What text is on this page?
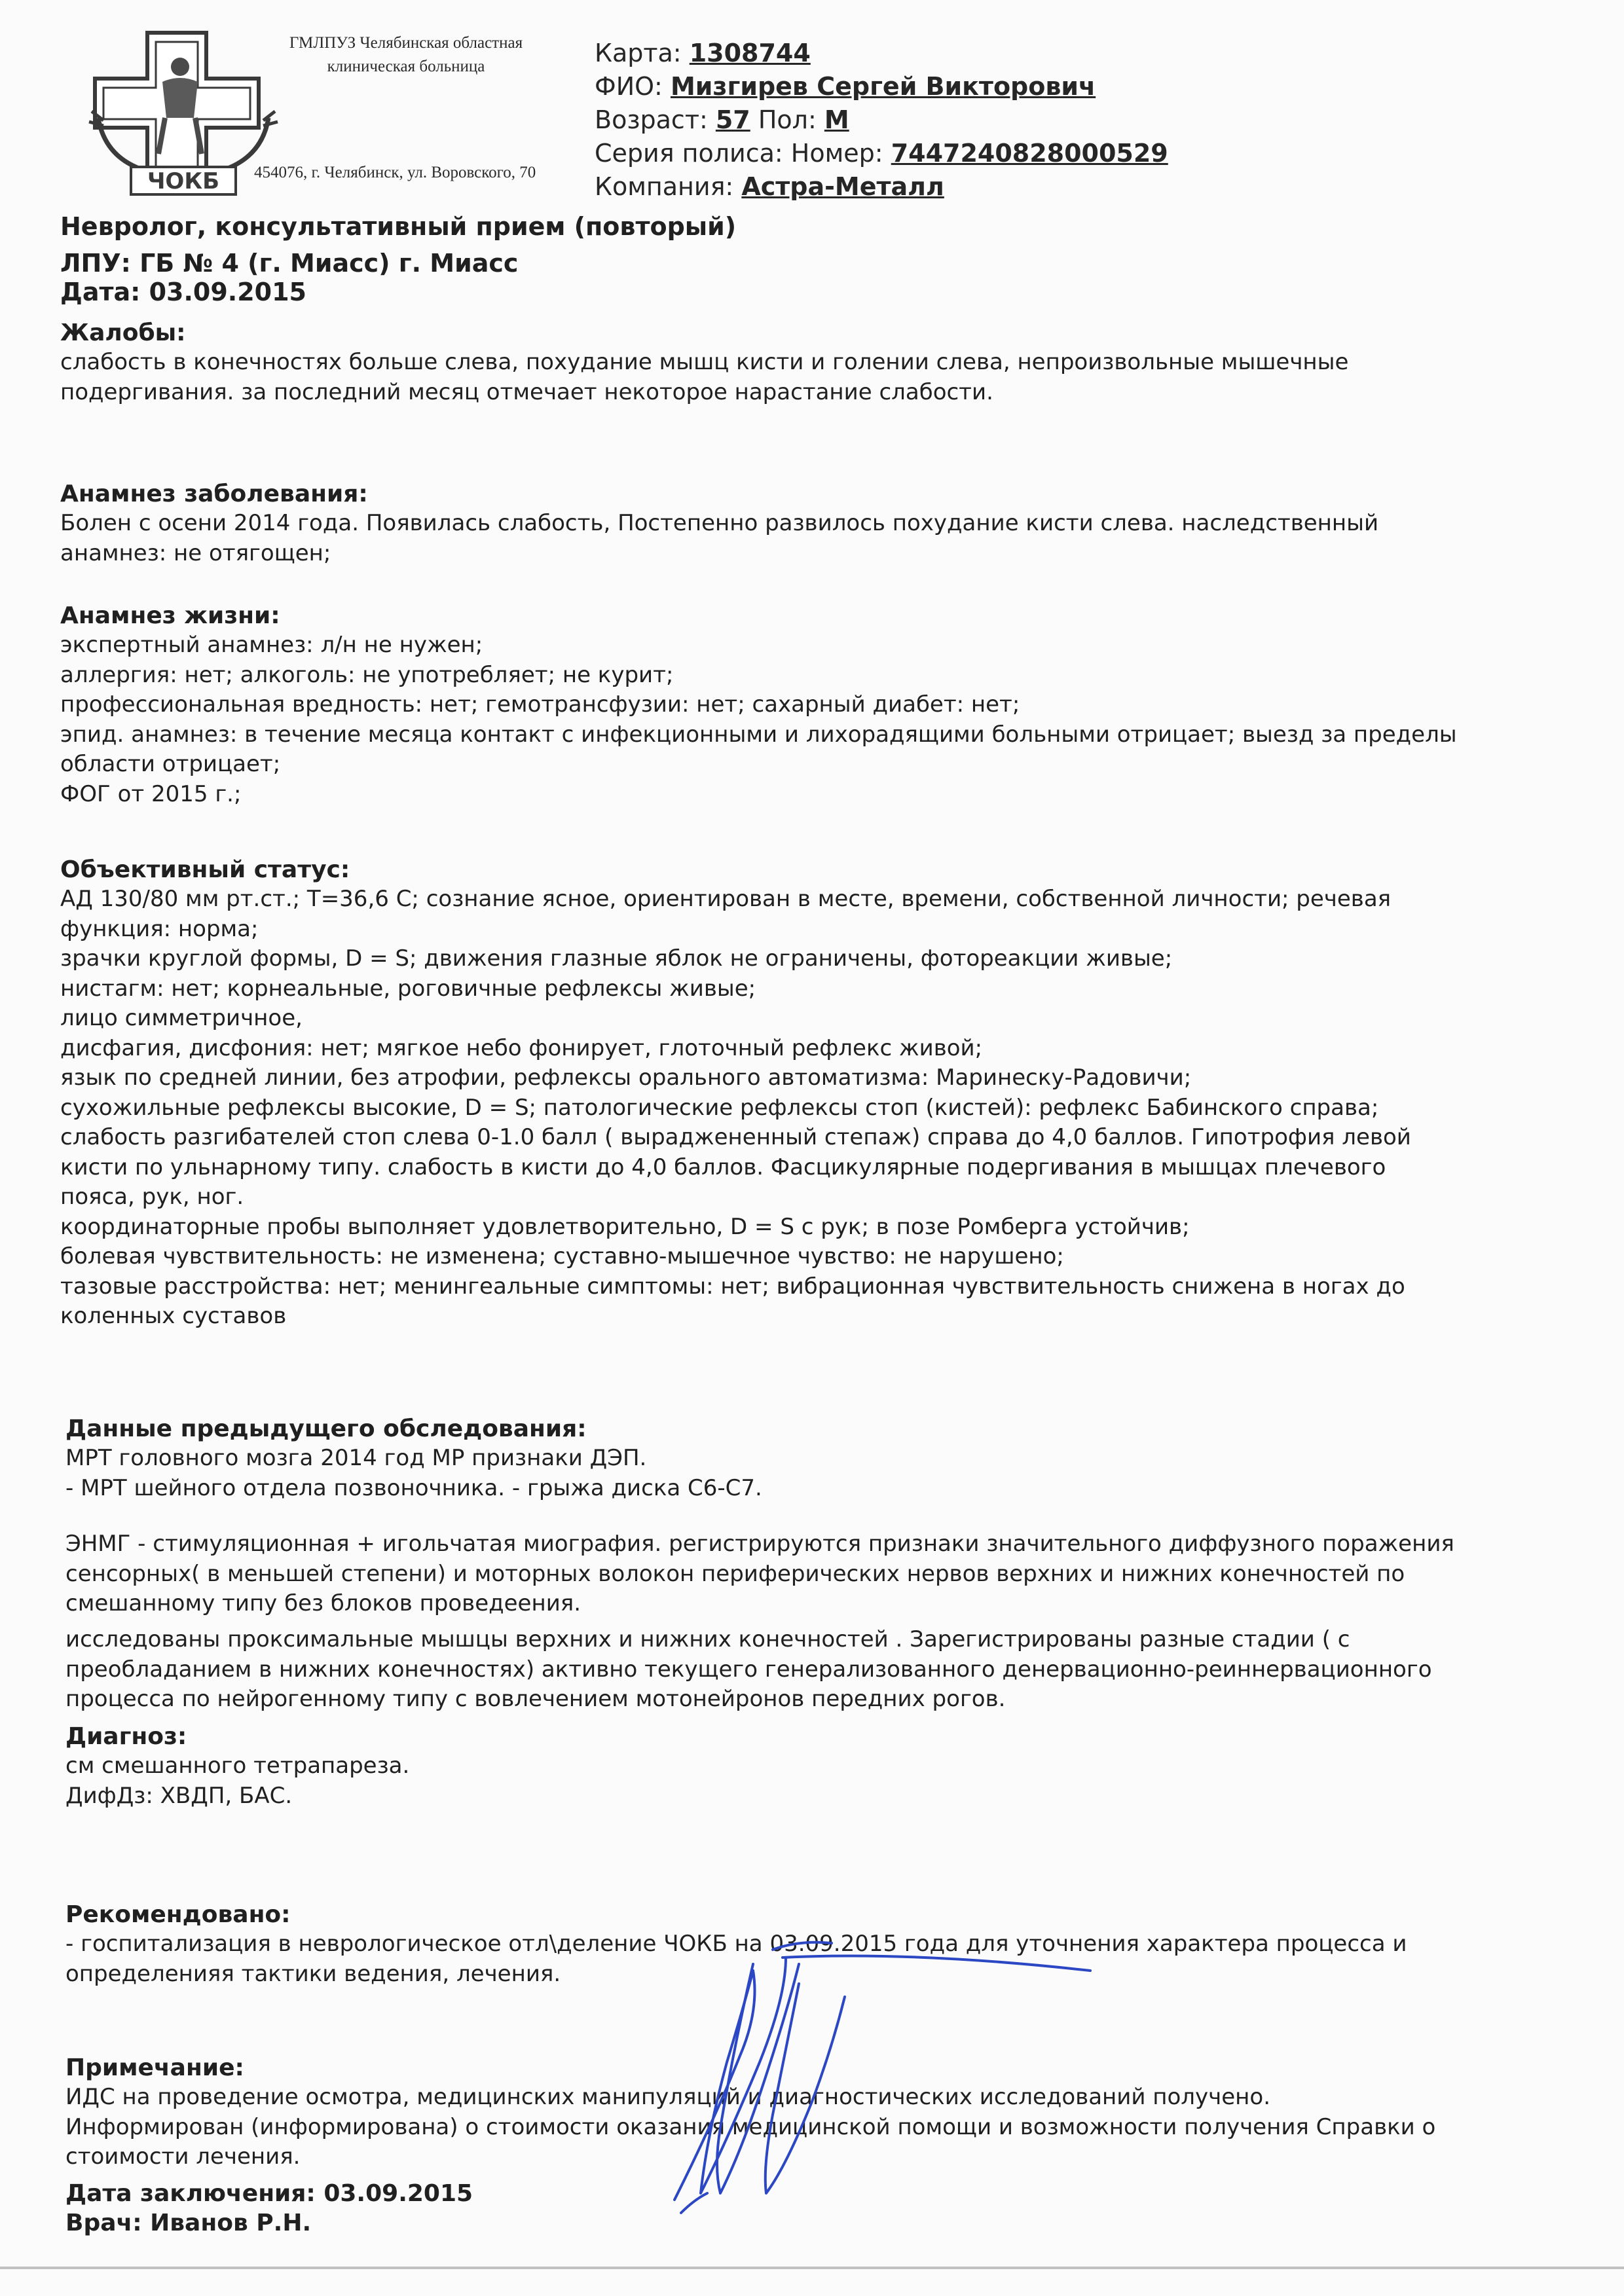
ЧОКБ
ГМЛПУЗ Челябинская областная клиническая больница
454076, г. Челябинск, ул. Воровского, 70
Карта: 1308744
ФИО: Мизгирев Сергей Викторович
Возраст: 57 Пол: М
Серия полиса: Номер: 7447240828000529
Компания: Астра-Металл
Невролог, консультативный прием (повторый)
ЛПУ: ГБ № 4 (г. Миасс) г. Миасс
Дата: 03.09.2015
Жалобы:
слабость в конечностях больше слева, похудание мышц кисти и голении слева, непроизвольные мышечные
подергивания. за последний месяц отмечает некоторое нарастание слабости.
Анамнез заболевания:
Болен с осени 2014 года. Появилась слабость, Постепенно развилось похудание кисти слева. наследственный
анамнез: не отягощен;
Анамнез жизни:
экспертный анамнез: л/н не нужен;
аллергия: нет; алкоголь: не употребляет; не курит;
профессиональная вредность: нет; гемотрансфузии: нет; сахарный диабет: нет;
эпид. анамнез: в течение месяца контакт с инфекционными и лихорадящими больными отрицает; выезд за пределы
области отрицает;
ФОГ от 2015 г.;
Объективный статус:
АД 130/80 мм рт.ст.; T=36,6 C; сознание ясное, ориентирован в месте, времени, собственной личности; речевая
функция: норма;
зрачки круглой формы, D = S; движения глазные яблок не ограничены, фотореакции живые;
нистагм: нет; корнеальные, роговичные рефлексы живые;
лицо симметричное,
дисфагия, дисфония: нет; мягкое небо фонирует, глоточный рефлекс живой;
язык по средней линии, без атрофии, рефлексы орального автоматизма: Маринеску-Радовичи;
сухожильные рефлексы высокие, D = S; патологические рефлексы стоп (кистей): рефлекс Бабинского справа;
слабость разгибателей стоп слева 0-1.0 балл ( выраджененный степаж) справа до 4,0 баллов. Гипотрофия левой
кисти по ульнарному типу. слабость в кисти до 4,0 баллов. Фасцикулярные подергивания в мышцах плечевого
пояса, рук, ног.
координаторные пробы выполняет удовлетворительно, D = S с рук; в позе Ромберга устойчив;
болевая чувствительность: не изменена; суставно-мышечное чувство: не нарушено;
тазовые расстройства: нет; менингеальные симптомы: нет; вибрационная чувствительность снижена в ногах до
коленных суставов
Данные предыдущего обследования:
МРТ головного мозга 2014 год МР признаки ДЭП.
- МРТ шейного отдела позвоночника. - грыжа диска С6-С7.
ЭНМГ - стимуляционная + игольчатая миография. регистрируются признаки значительного диффузного поражения
сенсорных( в меньшей степени) и моторных волокон периферических нервов верхних и нижних конечностей по
смешанному типу без блоков проведеения.
исследованы проксимальные мышцы верхних и нижних конечностей . Зарегистрированы разные стадии ( с
преобладанием в нижних конечностях) активно текущего генерализованного денервационно-реиннервационного
процесса по нейрогенному типу с вовлечением мотонейронов передних рогов.
Диагноз:
см смешанного тетрапареза.
ДифДз: ХВДП, БАС.
Рекомендовано:
- госпитализация в неврологическое отл\деление ЧОКБ на 03.09.2015 года для уточнения характера процесса и
определенияя тактики ведения, лечения.
Примечание:
ИДС на проведение осмотра, медицинских манипуляций и диагностических исследований получено.
Информирован (информирована) о стоимости оказания медицинской помощи и возможности получения Справки о
стоимости лечения.
Дата заключения: 03.09.2015
Врач: Иванов Р.Н.
